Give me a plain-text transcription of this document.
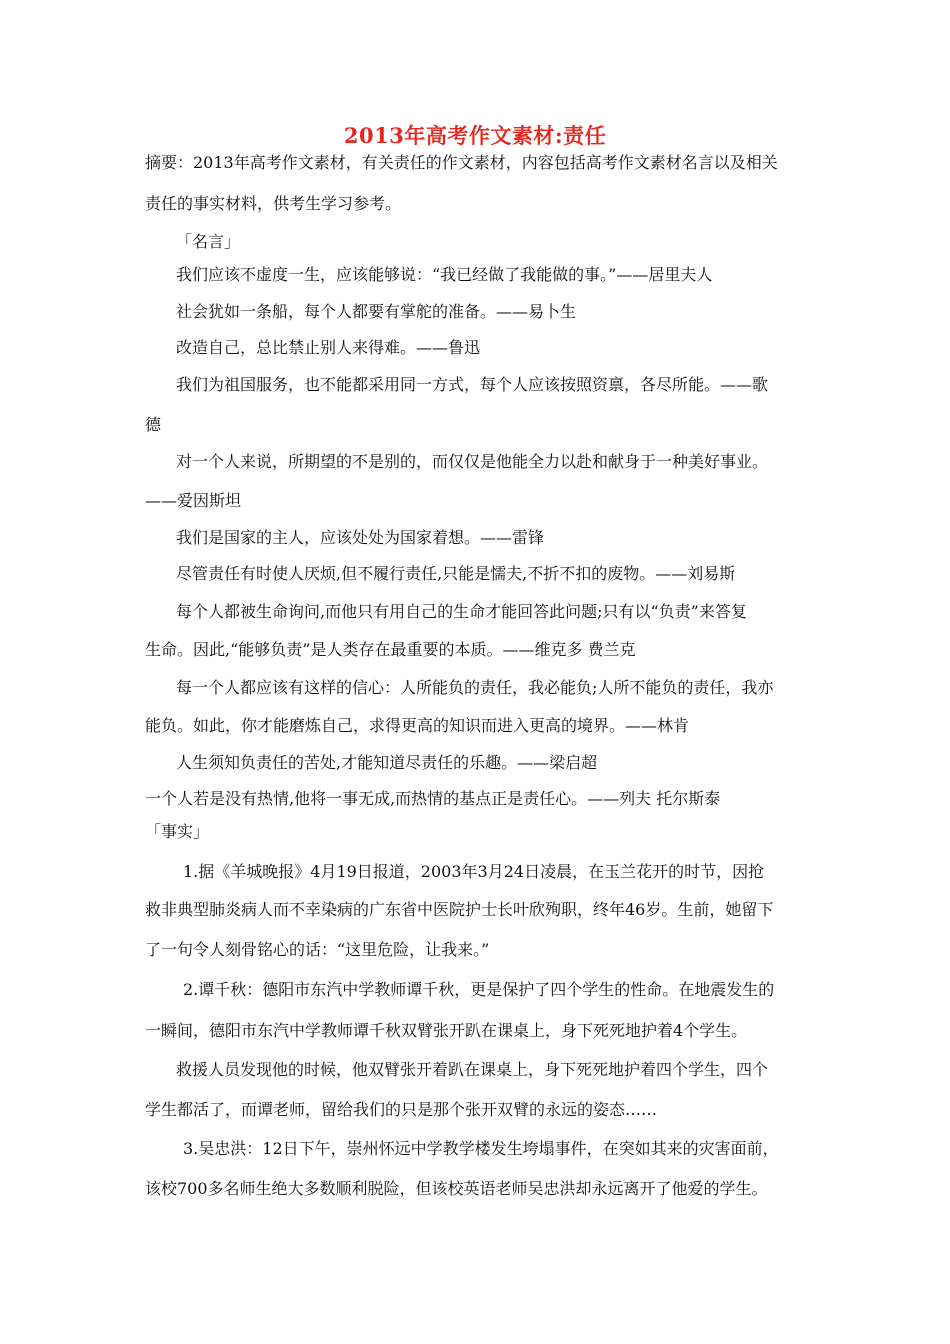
2013年高考作文素材:责任
摘要：2013年高考作文素材，有关责任的作文素材，内容包括高考作文素材名言以及相关
责任的事实材料，供考生学习参考。
「名言」
我们应该不虚度一生，应该能够说：“我已经做了我能做的事。”——居里夫人
社会犹如一条船，每个人都要有掌舵的准备。——易卜生
改造自己，总比禁止别人来得难。——鲁迅
我们为祖国服务，也不能都采用同一方式，每个人应该按照资禀，各尽所能。——歌
德
对一个人来说，所期望的不是别的，而仅仅是他能全力以赴和献身于一种美好事业。
——爱因斯坦
我们是国家的主人，应该处处为国家着想。——雷锋
尽管责任有时使人厌烦,但不履行责任,只能是懦夫,不折不扣的废物。——刘易斯
每个人都被生命询问,而他只有用自己的生命才能回答此问题;只有以“负责”来答复
生命。因此,“能够负责”是人类存在最重要的本质。——维克多 费兰克
每一个人都应该有这样的信心：人所能负的责任，我必能负;人所不能负的责任，我亦
能负。如此，你才能磨炼自己，求得更高的知识而进入更高的境界。——林肯
人生须知负责任的苦处,才能知道尽责任的乐趣。——梁启超
一个人若是没有热情,他将一事无成,而热情的基点正是责任心。——列夫 托尔斯泰
「事实」
1.据《羊城晚报》4月19日报道，2003年3月24日凌晨，在玉兰花开的时节，因抢
救非典型肺炎病人而不幸染病的广东省中医院护士长叶欣殉职，终年46岁。生前，她留下
了一句令人刻骨铭心的话：“这里危险，让我来。”
2.谭千秋：德阳市东汽中学教师谭千秋，更是保护了四个学生的性命。在地震发生的
一瞬间，德阳市东汽中学教师谭千秋双臂张开趴在课桌上，身下死死地护着4个学生。
救援人员发现他的时候，他双臂张开着趴在课桌上，身下死死地护着四个学生，四个
学生都活了，而谭老师，留给我们的只是那个张开双臂的永远的姿态……
3.吴忠洪：12日下午，崇州怀远中学教学楼发生垮塌事件，在突如其来的灾害面前，
该校700多名师生绝大多数顺利脱险，但该校英语老师吴忠洪却永远离开了他爱的学生。
